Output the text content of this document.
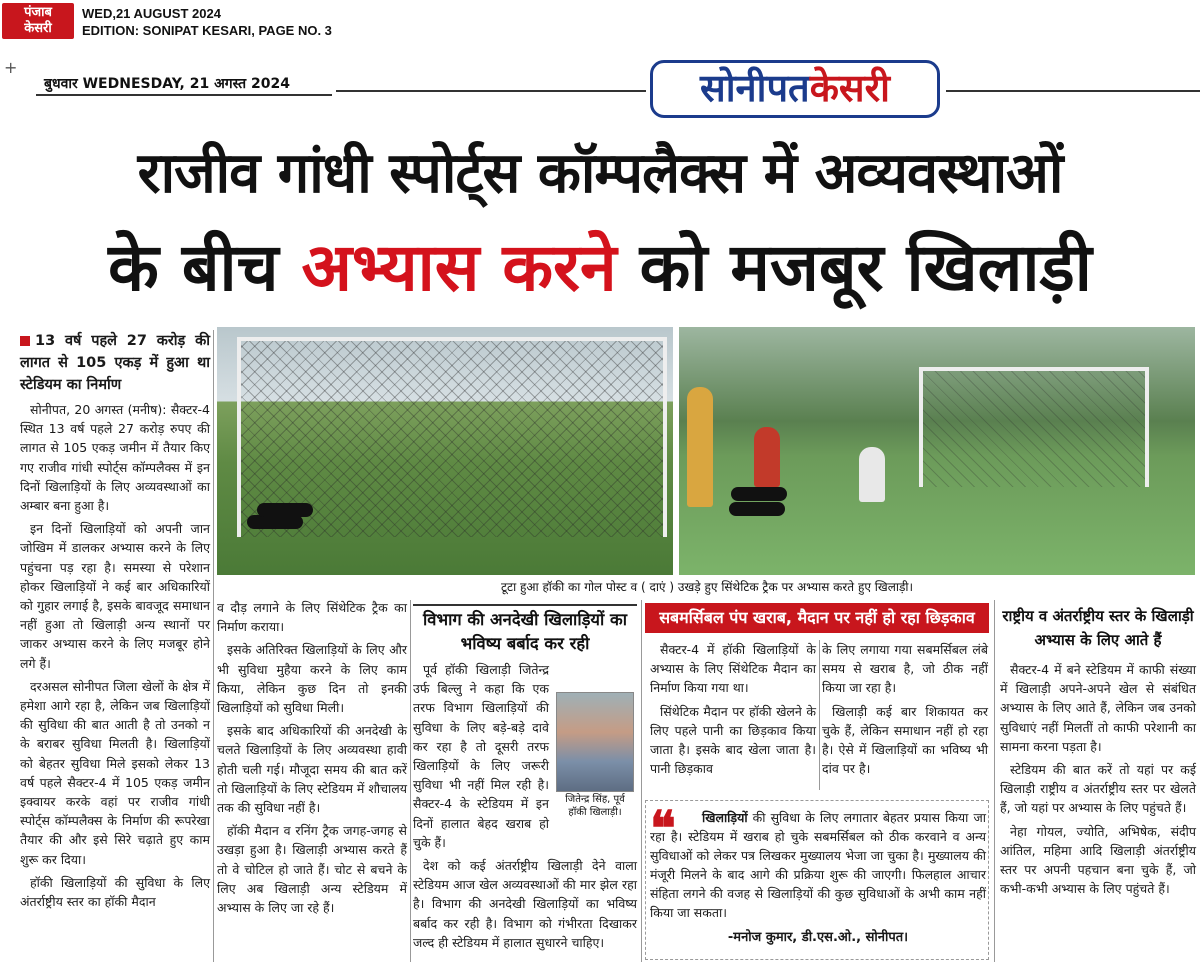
पंजाब
केसरी
WED,21 AUGUST 2024
EDITION: SONIPAT KESARI, PAGE NO. 3
+
बुधवार WEDNESDAY, 21 अगस्त 2024	सोनीपतकेसरी
राजीव गांधी स्पोर्ट्स कॉम्पलैक्स में अव्यवस्थाओं
के बीच अभ्यास करने को मजबूर खिलाड़ी

13 वर्ष पहले 27 करोड़ की लागत से 105 एकड़ में हुआ था स्टेडियम का निर्माण

सोनीपत, 20 अगस्त (मनीष): सैक्टर-4 स्थित 13 वर्ष पहले 27 करोड़ रुपए की लागत से 105 एकड़ जमीन में तैयार किए गए राजीव गांधी स्पोर्ट्स कॉम्पलैक्स में इन दिनों खिलाड़ियों के लिए अव्यवस्थाओं का अम्बार बना हुआ है।

इन दिनों खिलाड़ियों को अपनी जान जोखिम में डालकर अभ्यास करने के लिए पहुंचना पड़ रहा है। समस्या से परेशान होकर खिलाड़ियों ने कई बार अधिकारियों को गुहार लगाई है, इसके बावजूद समाधान नहीं हुआ तो खिलाड़ी अन्य स्थानों पर जाकर अभ्यास करने के लिए मजबूर होने लगे हैं।

दरअसल सोनीपत जिला खेलों के क्षेत्र में हमेशा आगे रहा है, लेकिन जब खिलाड़ियों की सुविधा की बात आती है तो उनको न के बराबर सुविधा मिलती है। खिलाड़ियों को बेहतर सुविधा मिले इसको लेकर 13 वर्ष पहले सैक्टर-4 में 105 एकड़ जमीन इक्वायर करके वहां पर राजीव गांधी स्पोर्ट्स कॉम्पलैक्स के निर्माण की रूपरेखा तैयार की और इसे सिरे चढ़ाते हुए काम शुरू कर दिया।

हॉकी खिलाड़ियों की सुविधा के लिए अंतर्राष्ट्रीय स्तर का हॉकी मैदान

टूटा हुआ हॉकी का गोल पोस्ट व ( दाएं ) उखड़े हुए सिंथेटिक ट्रैक पर अभ्यास करते हुए खिलाड़ी।

व दौड़ लगाने के लिए सिंथेटिक ट्रैक का निर्माण कराया।

इसके अतिरिक्त खिलाड़ियों के लिए और भी सुविधा मुहैया करने के लिए काम किया, लेकिन कुछ दिन तो इनकी खिलाड़ियों को सुविधा मिली।

इसके बाद अधिकारियों की अनदेखी के चलते खिलाड़ियों के लिए अव्यवस्था हावी होती चली गई। मौजूदा समय की बात करें तो खिलाड़ियों के लिए स्टेडियम में शौचालय तक की सुविधा नहीं है।

हॉकी मैदान व रनिंग ट्रैक जगह-जगह से उखड़ा हुआ है। खिलाड़ी अभ्यास करते हैं तो वे चोटिल हो जाते हैं। चोट से बचने के लिए अब खिलाड़ी अन्य स्टेडियम में अभ्यास के लिए जा रहे हैं।

विभाग की अनदेखी खिलाड़ियों का भविष्य बर्बाद कर रही

पूर्व हॉकी खिलाड़ी जितेन्द्र उर्फ बिल्लु ने कहा कि एक तरफ विभाग खिलाड़ियों की सुविधा के लिए बड़े-बड़े दावे कर रहा है तो दूसरी तरफ खिलाड़ियों के लिए जरूरी सुविधा भी नहीं मिल रही है। सैक्टर-4 के स्टेडियम में इन दिनों हालात बेहद खराब हो चुके हैं।

देश को कई अंतर्राष्ट्रीय खिलाड़ी देने वाला स्टेडियम आज खेल अव्यवस्थाओं की मार झेल रहा है। विभाग की अनदेखी खिलाड़ियों का भविष्य बर्बाद कर रही है। विभाग को गंभीरता दिखाकर जल्द ही स्टेडियम में हालात सुधारने चाहिए।

जितेन्द्र सिंह, पूर्व हॉकी खिलाड़ी।
सबमर्सिबल पंप खराब, मैदान पर नहीं हो रहा छिड़काव

सैक्टर-4 में हॉकी खिलाड़ियों के अभ्यास के लिए सिंथेटिक मैदान का निर्माण किया गया था।

सिंथेटिक मैदान पर हॉकी खेलने के लिए पहले पानी का छिड़काव किया जाता है। इसके बाद खेला जाता है। पानी छिड़काव

के लिए लगाया गया सबमर्सिबल लंबे समय से खराब है, जो ठीक नहीं किया जा रहा है।

खिलाड़ी कई बार शिकायत कर चुके हैं, लेकिन समाधान नहीं हो रहा है। ऐसे में खिलाड़ियों का भविष्य भी दांव पर है।

❝	खिलाड़ियों की सुविधा के लिए लगातार बेहतर प्रयास किया जा रहा है। स्टेडियम में खराब हो चुके सबमर्सिबल को ठीक करवाने व अन्य सुविधाओं को लेकर पत्र लिखकर मुख्यालय भेजा जा चुका है। मुख्यालय की मंजूरी मिलने के बाद आगे की प्रक्रिया शुरू की जाएगी। फिलहाल आचार संहिता लगने की वजह से खिलाड़ियों की कुछ सुविधाओं के अभी काम नहीं किया जा सकता।
-मनोज कुमार, डी.एस.ओ., सोनीपत।
राष्ट्रीय व अंतर्राष्ट्रीय स्तर के खिलाड़ी अभ्यास के लिए आते हैं

सैक्टर-4 में बने स्टेडियम में काफी संख्या में खिलाड़ी अपने-अपने खेल से संबंधित अभ्यास के लिए आते हैं, लेकिन जब उनको सुविधाएं नहीं मिलतीं तो काफी परेशानी का सामना करना पड़ता है।

स्टेडियम की बात करें तो यहां पर कई खिलाड़ी राष्ट्रीय व अंतर्राष्ट्रीय स्तर पर खेलते हैं, जो यहां पर अभ्यास के लिए पहुंचते हैं।

नेहा गोयल, ज्योति, अभिषेक, संदीप आंतिल, महिमा आदि खिलाड़ी अंतर्राष्ट्रीय स्तर पर अपनी पहचान बना चुके हैं, जो कभी-कभी अभ्यास के लिए पहुंचते हैं।
